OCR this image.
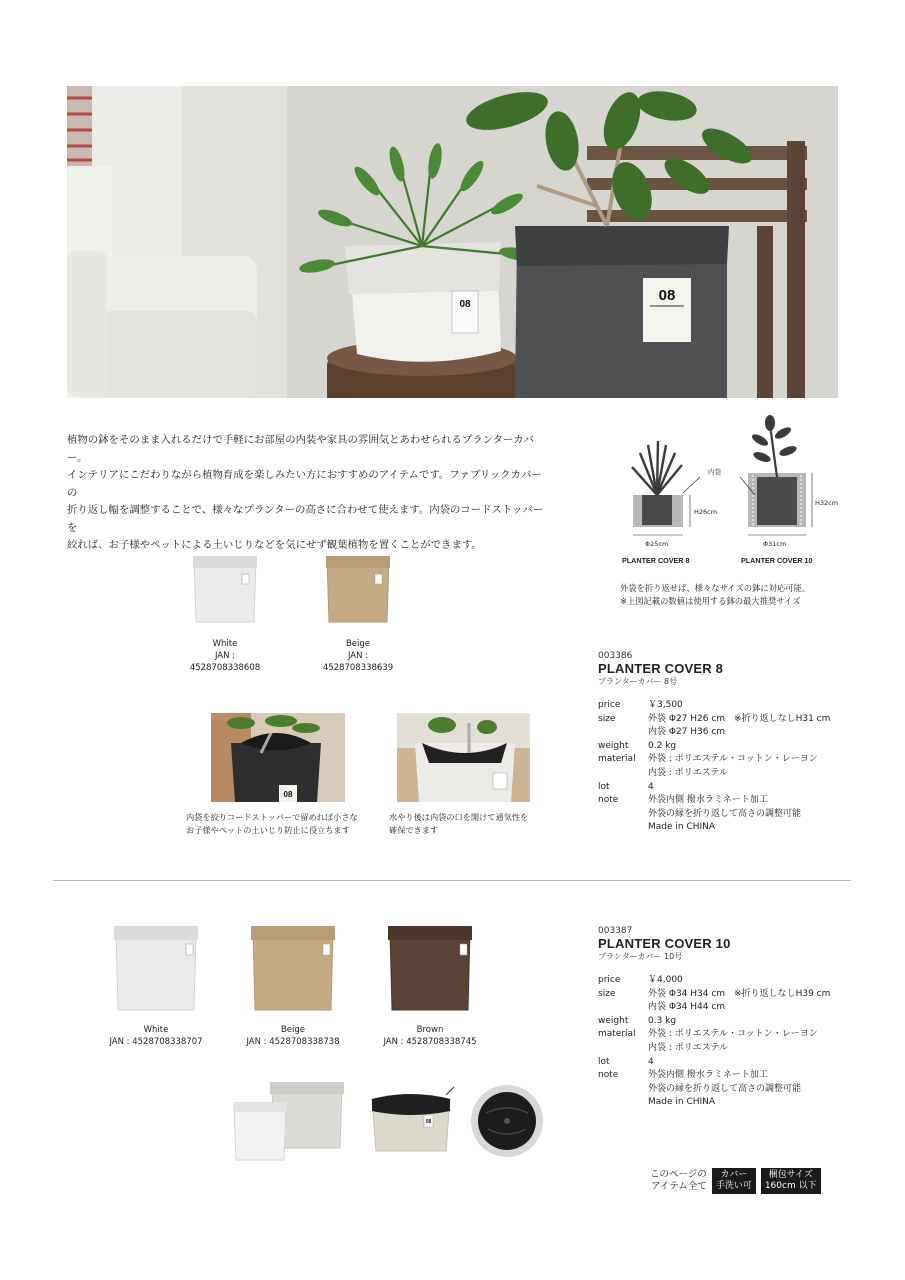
08
08
植物の鉢をそのまま入れるだけで手軽にお部屋の内装や家具の雰囲気とあわせられるプランターカバー。
インテリアにこだわりながら植物育成を楽しみたい方におすすめのアイテムです。ファブリックカバーの
折り返し幅を調整することで、様々なプランターの高さに合わせて使えます。内袋のコードストッパーを
絞れば、お子様やペットによる土いじりなどを気にせず観葉植物を置くことができます。
内袋
H26cm
Φ25cm
H32cm
Φ31cm
PLANTER COVER 8	PLANTER COVER 10
外袋を折り返せば、様々なサイズの鉢に対応可能。
※上図記載の数値は使用する鉢の最大推奨サイズ
White
JAN : 4528708338608
Beige
JAN : 4528708338639
08
内袋を絞りコードストッパーで留めれば小さな
お子様やペットの土いじり防止に役立ちます
水やり後は内袋の口を開けて通気性を
確保できます
003386
PLANTER COVER 8
プランターカバー 8号
price	￥3,500
size	外袋 Φ27 H26 cm　※折り返しなしH31 cm
内袋 Φ27 H36 cm
weight	0.2 kg
material	外袋 : ポリエステル・コットン・レーヨン
内袋 : ポリエステル
lot	4
note	外袋内側 撥水ラミネート加工
外袋の縁を折り返して高さの調整可能
Made in CHINA
White
JAN : 4528708338707
Beige
JAN : 4528708338738
Brown
JAN : 4528708338745
08
003387
PLANTER COVER 10
プランターカバー 10号
price	￥4,000
size	外袋 Φ34 H34 cm　※折り返しなしH39 cm
内袋 Φ34 H44 cm
weight	0.3 kg
material	外袋 : ポリエステル・コットン・レーヨン
内袋 : ポリエステル
lot	4
note	外袋内側 撥水ラミネート加工
外袋の縁を折り返して高さの調整可能
Made in CHINA
このページの
アイテム全て
カバー
手洗い可
梱包サイズ
160cm 以下
